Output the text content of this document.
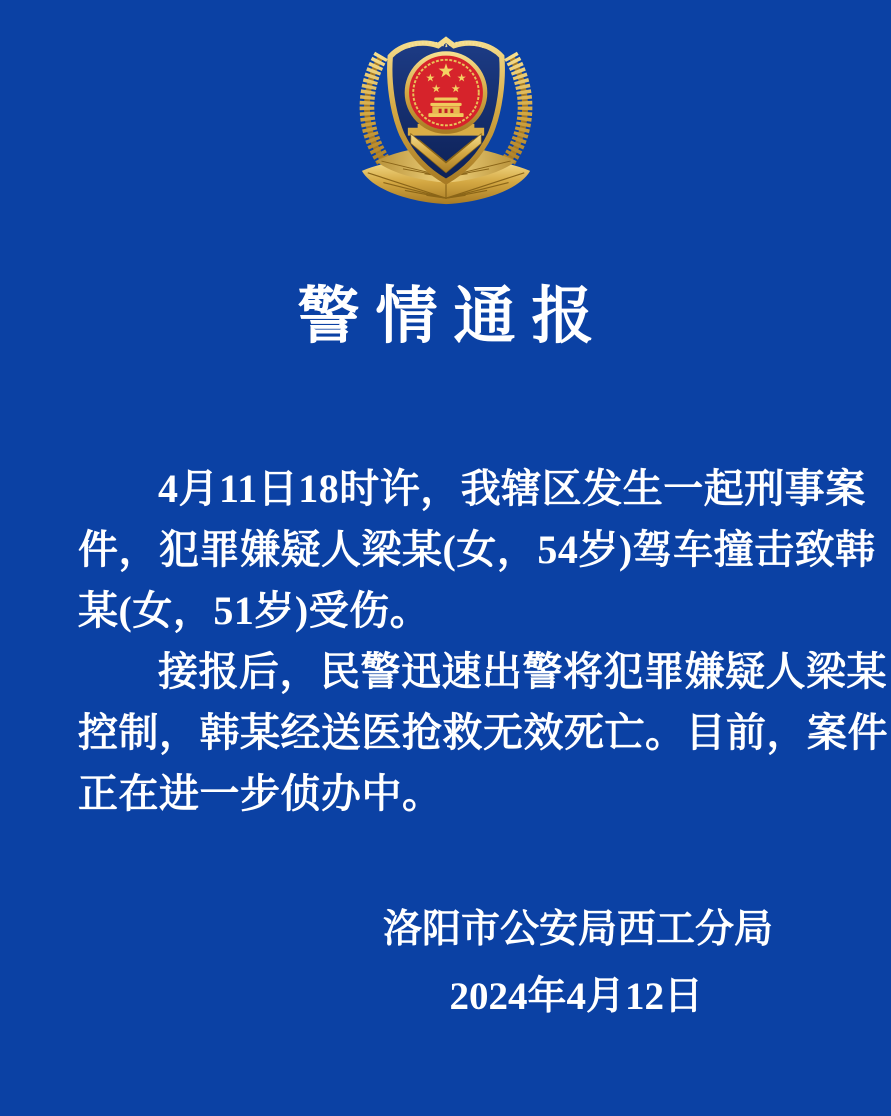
警情通报
4月11日18时许，我辖区发生一起刑事案
件，犯罪嫌疑人梁某(女，54岁)驾车撞击致韩
某(女，51岁)受伤。
接报后，民警迅速出警将犯罪嫌疑人梁某
控制，韩某经送医抢救无效死亡。目前，案件
正在进一步侦办中。
洛阳市公安局西工分局
2024年4月12日
